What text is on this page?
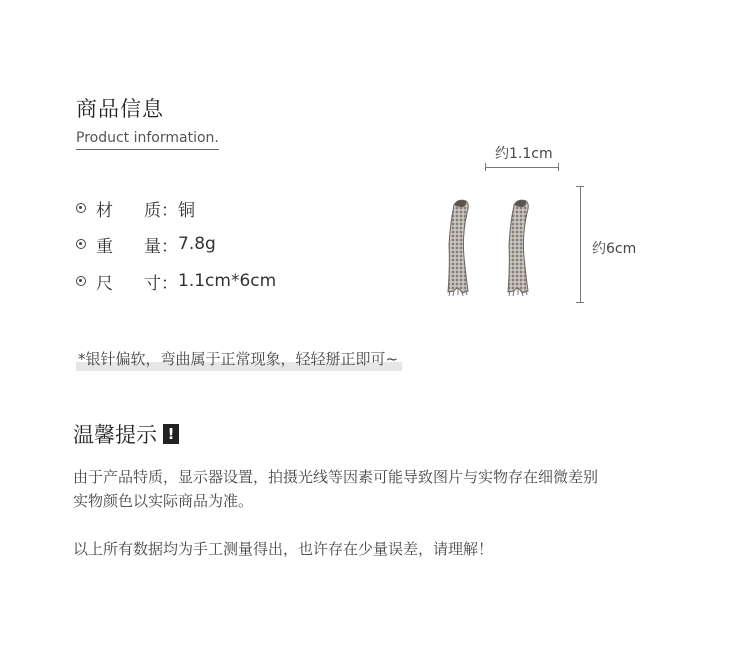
商品信息
Product information.
材 质： 铜
重 量： 7.8g
尺 寸： 1.1cm*6cm
约1.1cm
约6cm
*银针偏软，弯曲属于正常现象，轻轻掰正即可~
温馨提示 !
由于产品特质，显示器设置，拍摄光线等因素可能导致图片与实物存在细微差别
实物颜色以实际商品为准。
以上所有数据均为手工测量得出，也许存在少量误差，请理解！
